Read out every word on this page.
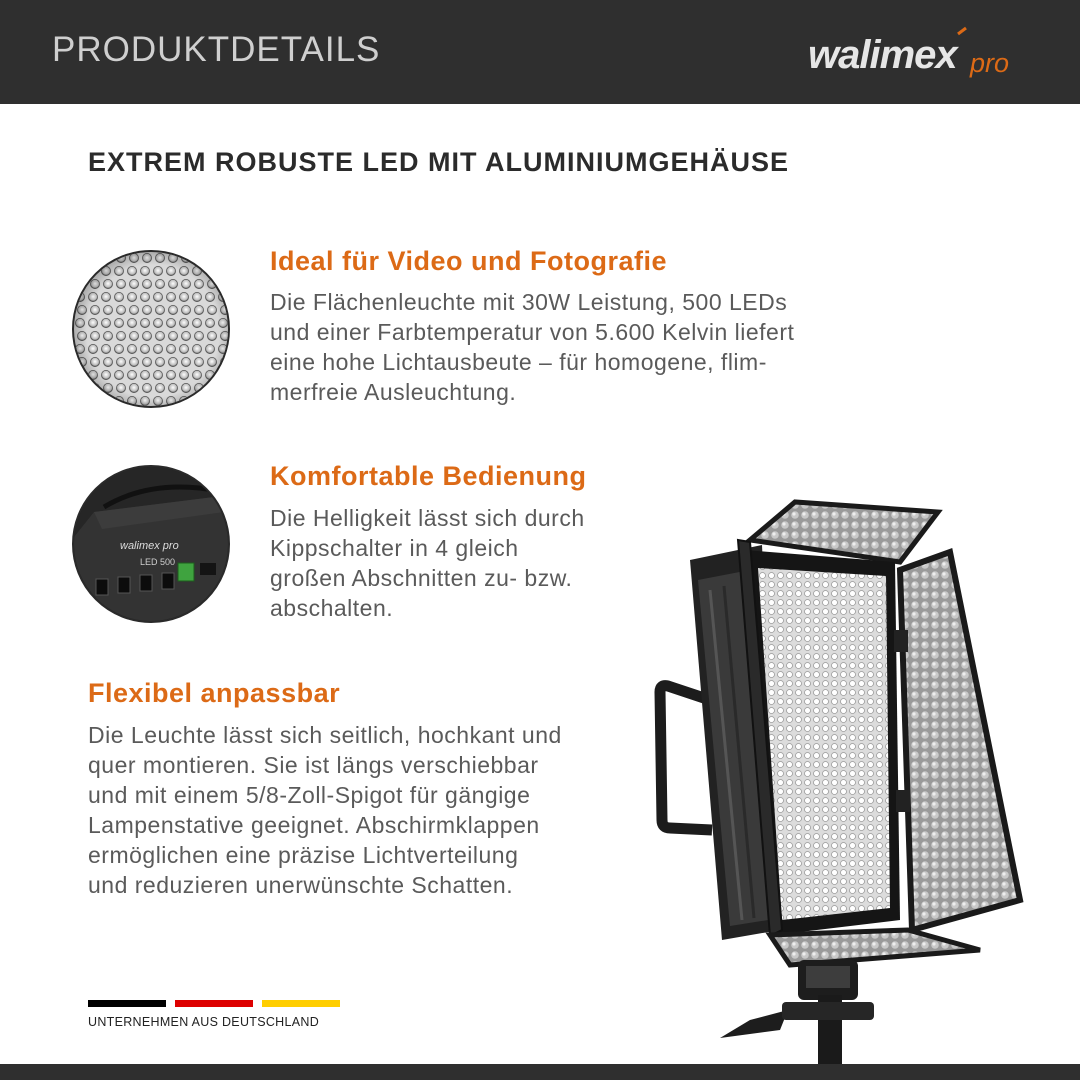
PRODUKTDETAILS	walimex pro
EXTREM ROBUSTE LED MIT ALUMINIUMGEHÄUSE
Ideal für Video und Fotografie
Die Flächenleuchte mit 30W Leistung, 500 LEDs
und einer Farbtemperatur von 5.600 Kelvin liefert
eine hohe Lichtausbeute – für homogene, flim-
merfreie Ausleuchtung.
walimex pro
LED 500
Komfortable Bedienung
Die Helligkeit lässt sich durch
Kippschalter in 4 gleich
großen Abschnitten zu- bzw.
abschalten.
Flexibel anpassbar
Die Leuchte lässt sich seitlich, hochkant und
quer montieren. Sie ist längs verschiebbar
und mit einem 5/8-Zoll-Spigot für gängige
Lampenstative geeignet. Abschirmklappen
ermöglichen eine präzise Lichtverteilung
und reduzieren unerwünschte Schatten.
UNTERNEHMEN AUS DEUTSCHLAND
